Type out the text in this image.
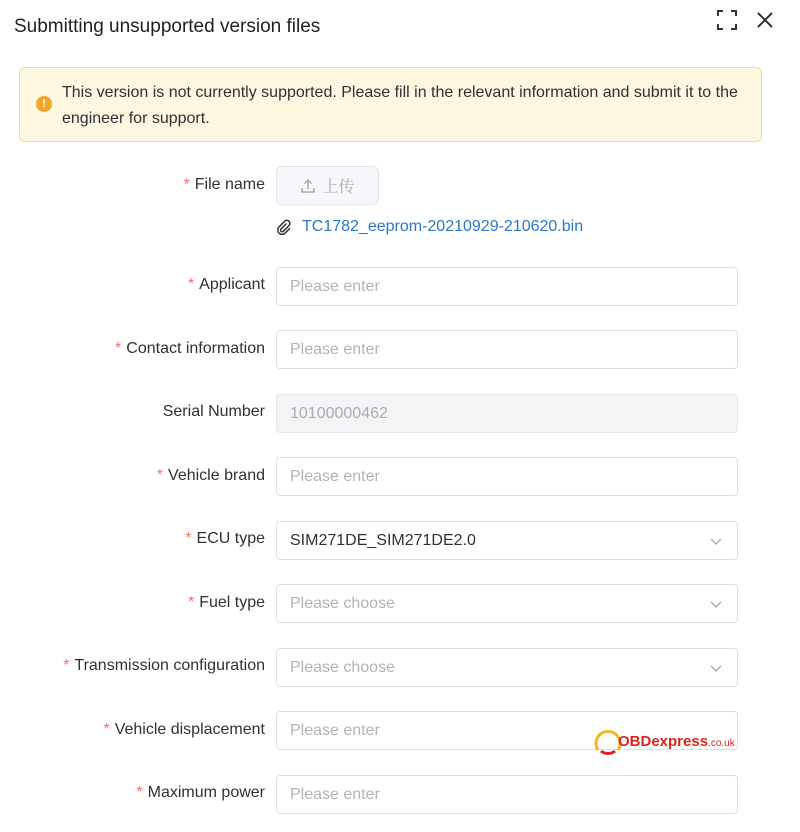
Submitting unsupported version files
!
This version is not currently supported. Please fill in the relevant information and submit it to the engineer for support.
* File name	上传
TC1782_eeprom-20210929-210620.bin
* Applicant Please enter
* Contact information Please enter
Serial Number 10100000462
* Vehicle brand Please enter
* ECU type SIM271DE_SIM271DE2.0
* Fuel type Please choose
* Transmission configuration Please choose
* Vehicle displacement Please enter
* Maximum power Please enter
OBDexpress.co.uk
